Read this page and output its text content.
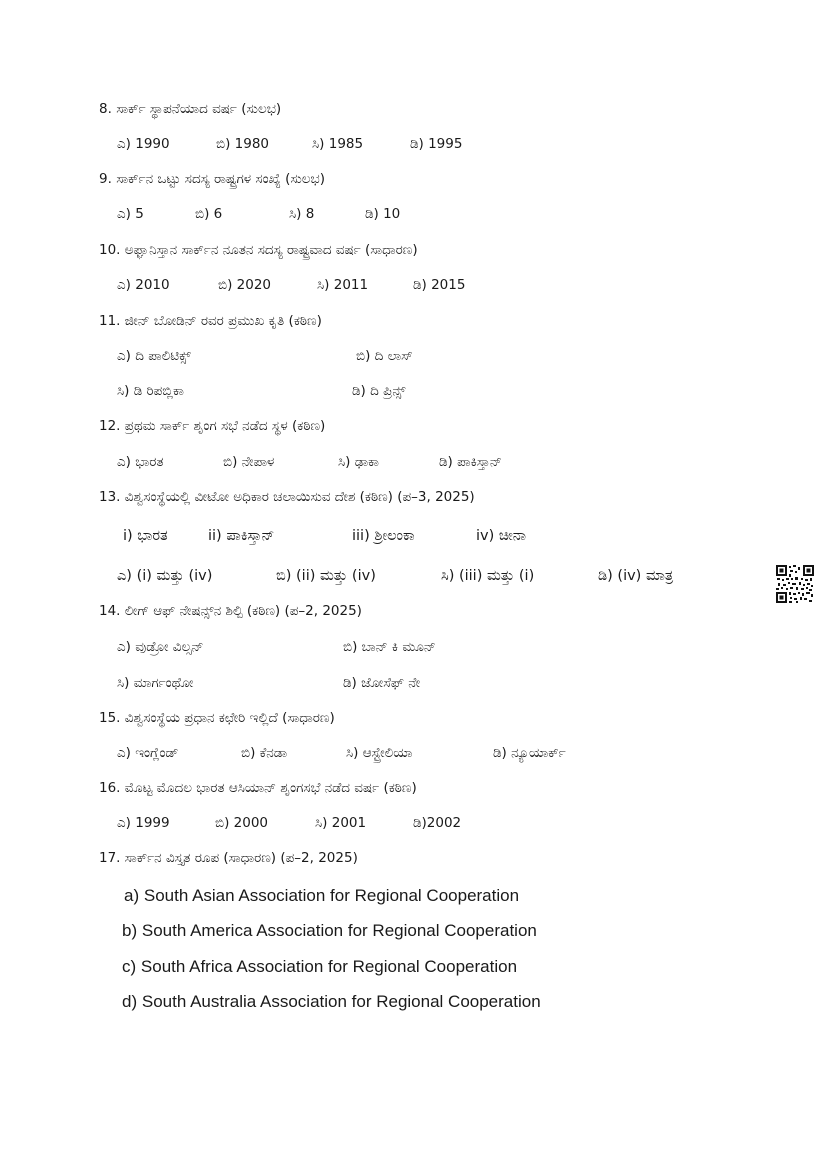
8. ಸಾರ್ಕ್ ಸ್ಥಾಪನೆಯಾದ ವರ್ಷ (ಸುಲಭ)
ಎ) 1990	ಬಿ) 1980	ಸಿ) 1985	ಡಿ) 1995
9. ಸಾರ್ಕ್‌ನ ಒಟ್ಟು ಸದಸ್ಯ ರಾಷ್ಟ್ರಗಳ ಸಂಖ್ಯೆ (ಸುಲಭ)
ಎ) 5	ಬಿ) 6	ಸಿ) 8	ಡಿ) 10
10. ಅಫ್ಘಾನಿಸ್ತಾನ ಸಾರ್ಕ್‌ನ ನೂತನ ಸದಸ್ಯ ರಾಷ್ಟ್ರವಾದ ವರ್ಷ (ಸಾಧಾರಣ)
ಎ) 2010	ಬಿ) 2020	ಸಿ) 2011	ಡಿ) 2015
11. ಜೀನ್ ಬೋಡಿನ್ ರವರ ಪ್ರಮುಖ ಕೃತಿ (ಕಠಿಣ)
ಎ) ದಿ ಪಾಲಿಟಿಕ್ಸ್	ಬಿ) ದಿ ಲಾಸ್
ಸಿ) ಡಿ ರಿಪಬ್ಲಿಕಾ	ಡಿ) ದಿ ಪ್ರಿನ್ಸ್
12. ಪ್ರಥಮ ಸಾರ್ಕ್ ಶೃಂಗ ಸಭೆ ನಡೆದ ಸ್ಥಳ (ಕಠಿಣ)
ಎ) ಭಾರತ	ಬಿ) ನೇಪಾಳ	ಸಿ) ಢಾಕಾ	ಡಿ) ಪಾಕಿಸ್ತಾನ್
13. ವಿಶ್ವಸಂಸ್ಥೆಯಲ್ಲಿ ವೀಟೋ ಅಧಿಕಾರ ಚಲಾಯಿಸುವ ದೇಶ (ಕಠಿಣ) (ಪ–3, 2025)
i) ಭಾರತ	ii) ಪಾಕಿಸ್ತಾನ್	iii) ಶ್ರೀಲಂಕಾ	iv) ಚೀನಾ
ಎ) (i) ಮತ್ತು (iv)	ಬಿ) (ii) ಮತ್ತು (iv)	ಸಿ) (iii) ಮತ್ತು (i)	ಡಿ) (iv) ಮಾತ್ರ
14. ಲೀಗ್ ಆಫ್ ನೇಷನ್ಸ್‌ನ ಶಿಲ್ಪಿ (ಕಠಿಣ) (ಪ–2, 2025)
ಎ) ವುಡ್ರೋ ವಿಲ್ಸನ್	ಬಿ) ಬಾನ್ ಕಿ ಮೂನ್
ಸಿ) ಮಾರ್ಗಂಥೋ	ಡಿ) ಜೋಸೆಫ್ ನೇ
15. ವಿಶ್ವಸಂಸ್ಥೆಯ ಪ್ರಧಾನ ಕಛೇರಿ ಇಲ್ಲಿದೆ (ಸಾಧಾರಣ)
ಎ) ಇಂಗ್ಲೆಂಡ್	ಬಿ) ಕೆನಡಾ	ಸಿ) ಆಸ್ಟ್ರೇಲಿಯಾ	ಡಿ) ನ್ಯೂಯಾರ್ಕ್
16. ಮೊಟ್ಟ ಮೊದಲ ಭಾರತ ಆಸಿಯಾನ್ ಶೃಂಗಸಭೆ ನಡೆದ ವರ್ಷ (ಕಠಿಣ)
ಎ) 1999	ಬಿ) 2000	ಸಿ) 2001	ಡಿ)2002
17. ಸಾರ್ಕ್‌ನ ವಿಸ್ತೃತ ರೂಪ (ಸಾಧಾರಣ) (ಪ–2, 2025)
a) South Asian Association for Regional Cooperation
b) South America Association for Regional Cooperation
c) South Africa Association for Regional Cooperation
d) South Australia Association for Regional Cooperation
